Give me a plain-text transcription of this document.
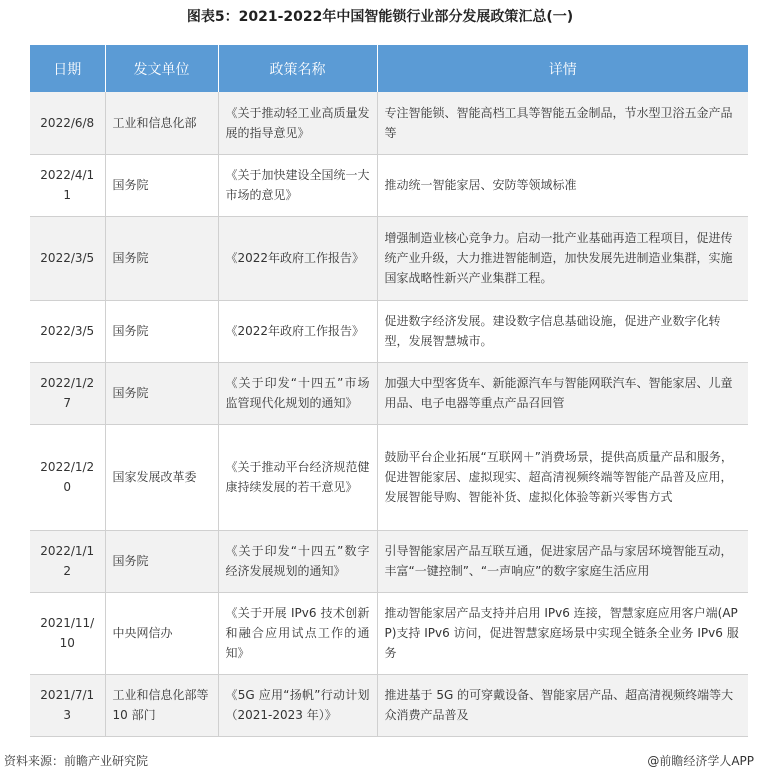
图表5：2021-2022年中国智能锁行业部分发展政策汇总(一)
日期	发文单位	政策名称	详情
2022/6/8	工业和信息化部	《关于推动轻工业高质量发展的指导意见》	专注智能锁、智能高档工具等智能五金制品，节水型卫浴五金产品等
2022/4/11	国务院	《关于加快建设全国统一大市场的意见》	推动统一智能家居、安防等领域标准
2022/3/5	国务院	《2022年政府工作报告》	增强制造业核心竞争力。启动一批产业基础再造工程项目，促进传统产业升级，大力推进智能制造，加快发展先进制造业集群，实施国家战略性新兴产业集群工程。
2022/3/5	国务院	《2022年政府工作报告》	促进数字经济发展。建设数字信息基础设施，促进产业数字化转型，发展智慧城市。
2022/1/27	国务院	《关于印发“十四五”市场监管现代化规划的通知》	加强大中型客货车、新能源汽车与智能网联汽车、智能家居、儿童用品、电子电器等重点产品召回管
2022/1/20	国家发展改革委	《关于推动平台经济规范健康持续发展的若干意见》	鼓励平台企业拓展“互联网＋”消费场景，提供高质量产品和服务，促进智能家居、虚拟现实、超高清视频终端等智能产品普及应用，发展智能导购、智能补货、虚拟化体验等新兴零售方式
2022/1/12	国务院	《关于印发“十四五”数字经济发展规划的通知》	引导智能家居产品互联互通，促进家居产品与家居环境智能互动，丰富“一键控制”、“一声响应”的数字家庭生活应用
2021/11/10	中央网信办	《关于开展 IPv6 技术创新和融合应用试点工作的通知》	推动智能家居产品支持并启用 IPv6 连接，智慧家庭应用客户端(APP)支持 IPv6 访问，促进智慧家庭场景中实现全链条全业务 IPv6 服务
2021/7/13	工业和信息化部等 10 部门	《5G 应用“扬帆”行动计划（2021-2023 年）》	推进基于 5G 的可穿戴设备、智能家居产品、超高清视频终端等大众消费产品普及
资料来源：前瞻产业研究院	@前瞻经济学人APP
